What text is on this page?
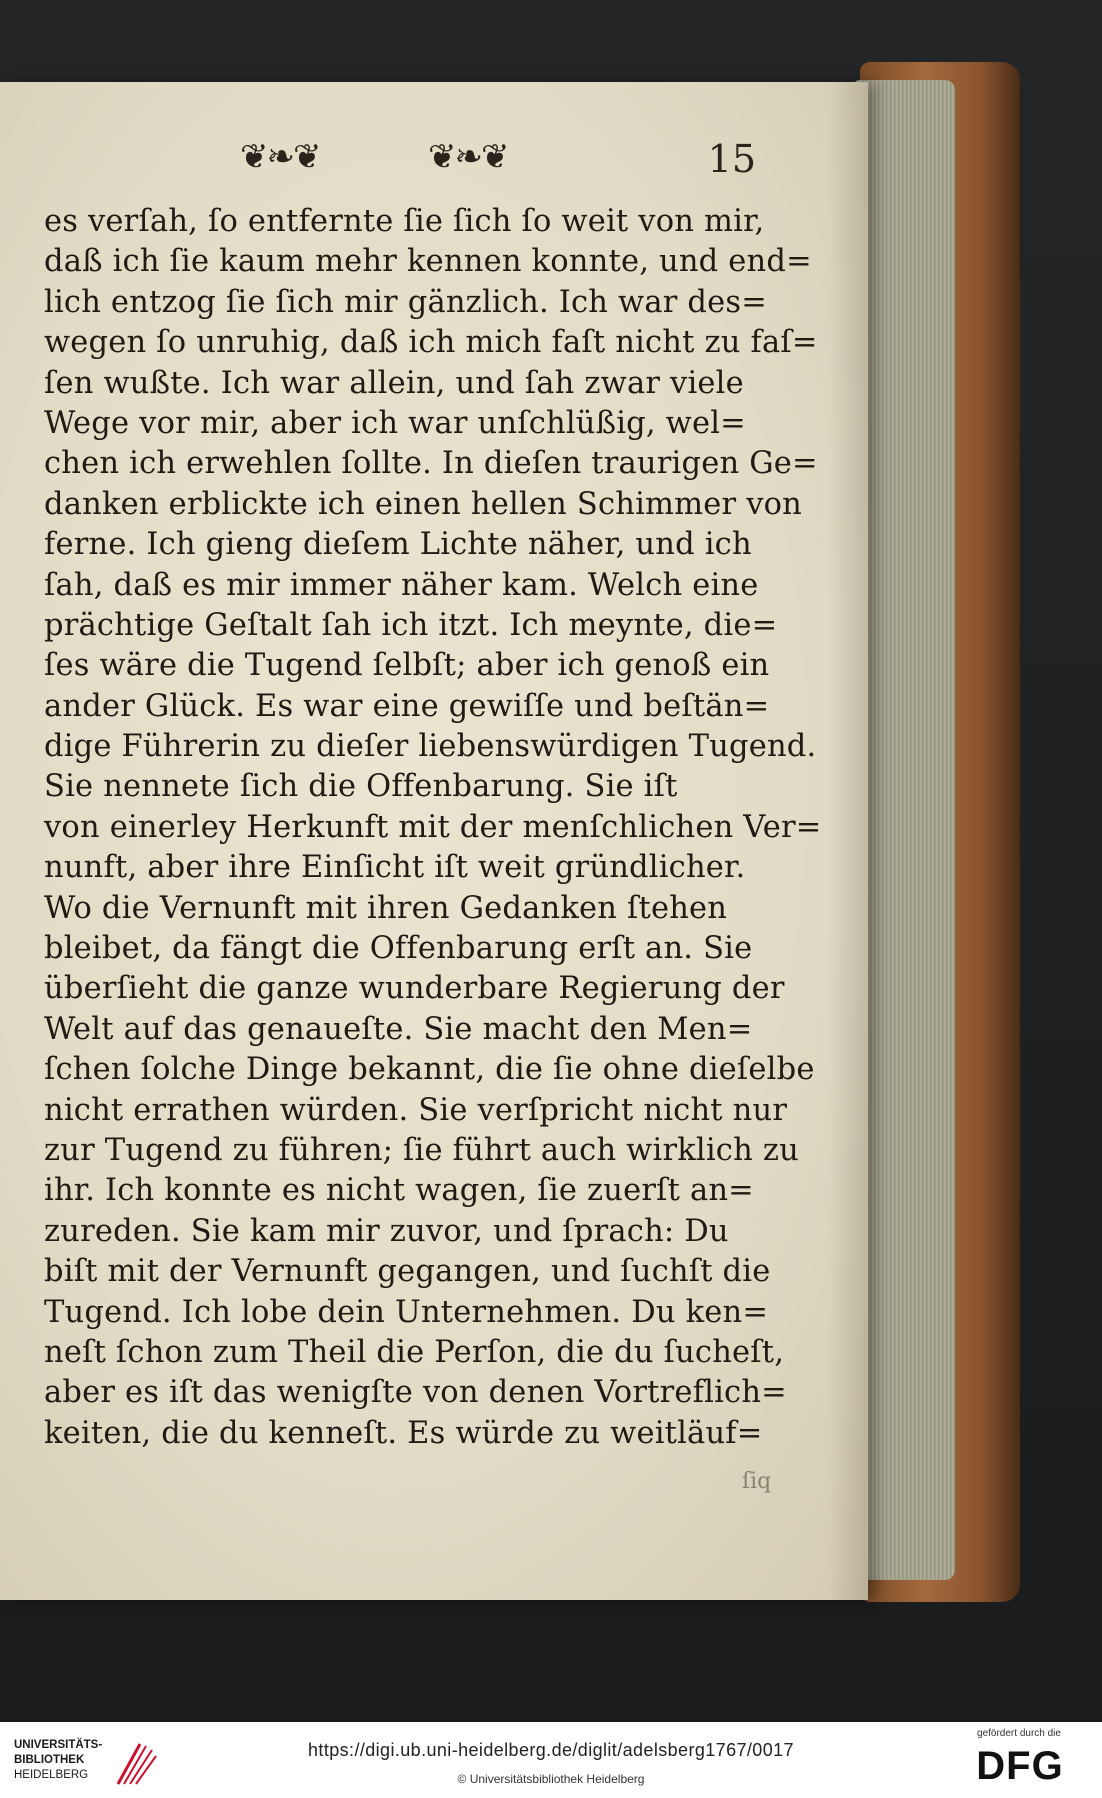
❦❧❦	❦❧❦	15
es verſah, ſo entfernte ſie ſich ſo weit von mir,
daß ich ſie kaum mehr kennen konnte, und end=
lich entzog ſie ſich mir gänzlich. Ich war des=
wegen ſo unruhig, daß ich mich faſt nicht zu faſ=
ſen wußte. Ich war allein, und ſah zwar viele
Wege vor mir, aber ich war unſchlüßig, wel=
chen ich erwehlen ſollte. In dieſen traurigen Ge=
danken erblickte ich einen hellen Schimmer von
ferne. Ich gieng dieſem Lichte näher, und ich
ſah, daß es mir immer näher kam. Welch eine
prächtige Geſtalt ſah ich itzt. Ich meynte, die=
ſes wäre die Tugend ſelbſt; aber ich genoß ein
ander Glück. Es war eine gewiſſe und beſtän=
dige Führerin zu dieſer liebenswürdigen Tugend.
Sie nennete ſich die Offenbarung. Sie iſt
von einerley Herkunft mit der menſchlichen Ver=
nunft, aber ihre Einſicht iſt weit gründlicher.
Wo die Vernunft mit ihren Gedanken ſtehen
bleibet, da fängt die Offenbarung erſt an. Sie
überſieht die ganze wunderbare Regierung der
Welt auf das genaueſte. Sie macht den Men=
ſchen ſolche Dinge bekannt, die ſie ohne dieſelbe
nicht errathen würden. Sie verſpricht nicht nur
zur Tugend zu führen; ſie führt auch wirklich zu
ihr. Ich konnte es nicht wagen, ſie zuerſt an=
zureden. Sie kam mir zuvor, und ſprach: Du
biſt mit der Vernunft gegangen, und ſuchſt die
Tugend. Ich lobe dein Unternehmen. Du ken=
neſt ſchon zum Theil die Perſon, die du ſucheſt,
aber es iſt das wenigſte von denen Vortreflich=
keiten, die du kenneſt. Es würde zu weitläuf=
ſiq
UNIVERSITÄTS-
BIBLIOTHEK
HEIDELBERG
https://digi.ub.uni-heidelberg.de/diglit/adelsberg1767/0017
© Universitätsbibliothek Heidelberg
gefördert durch die
DFG
